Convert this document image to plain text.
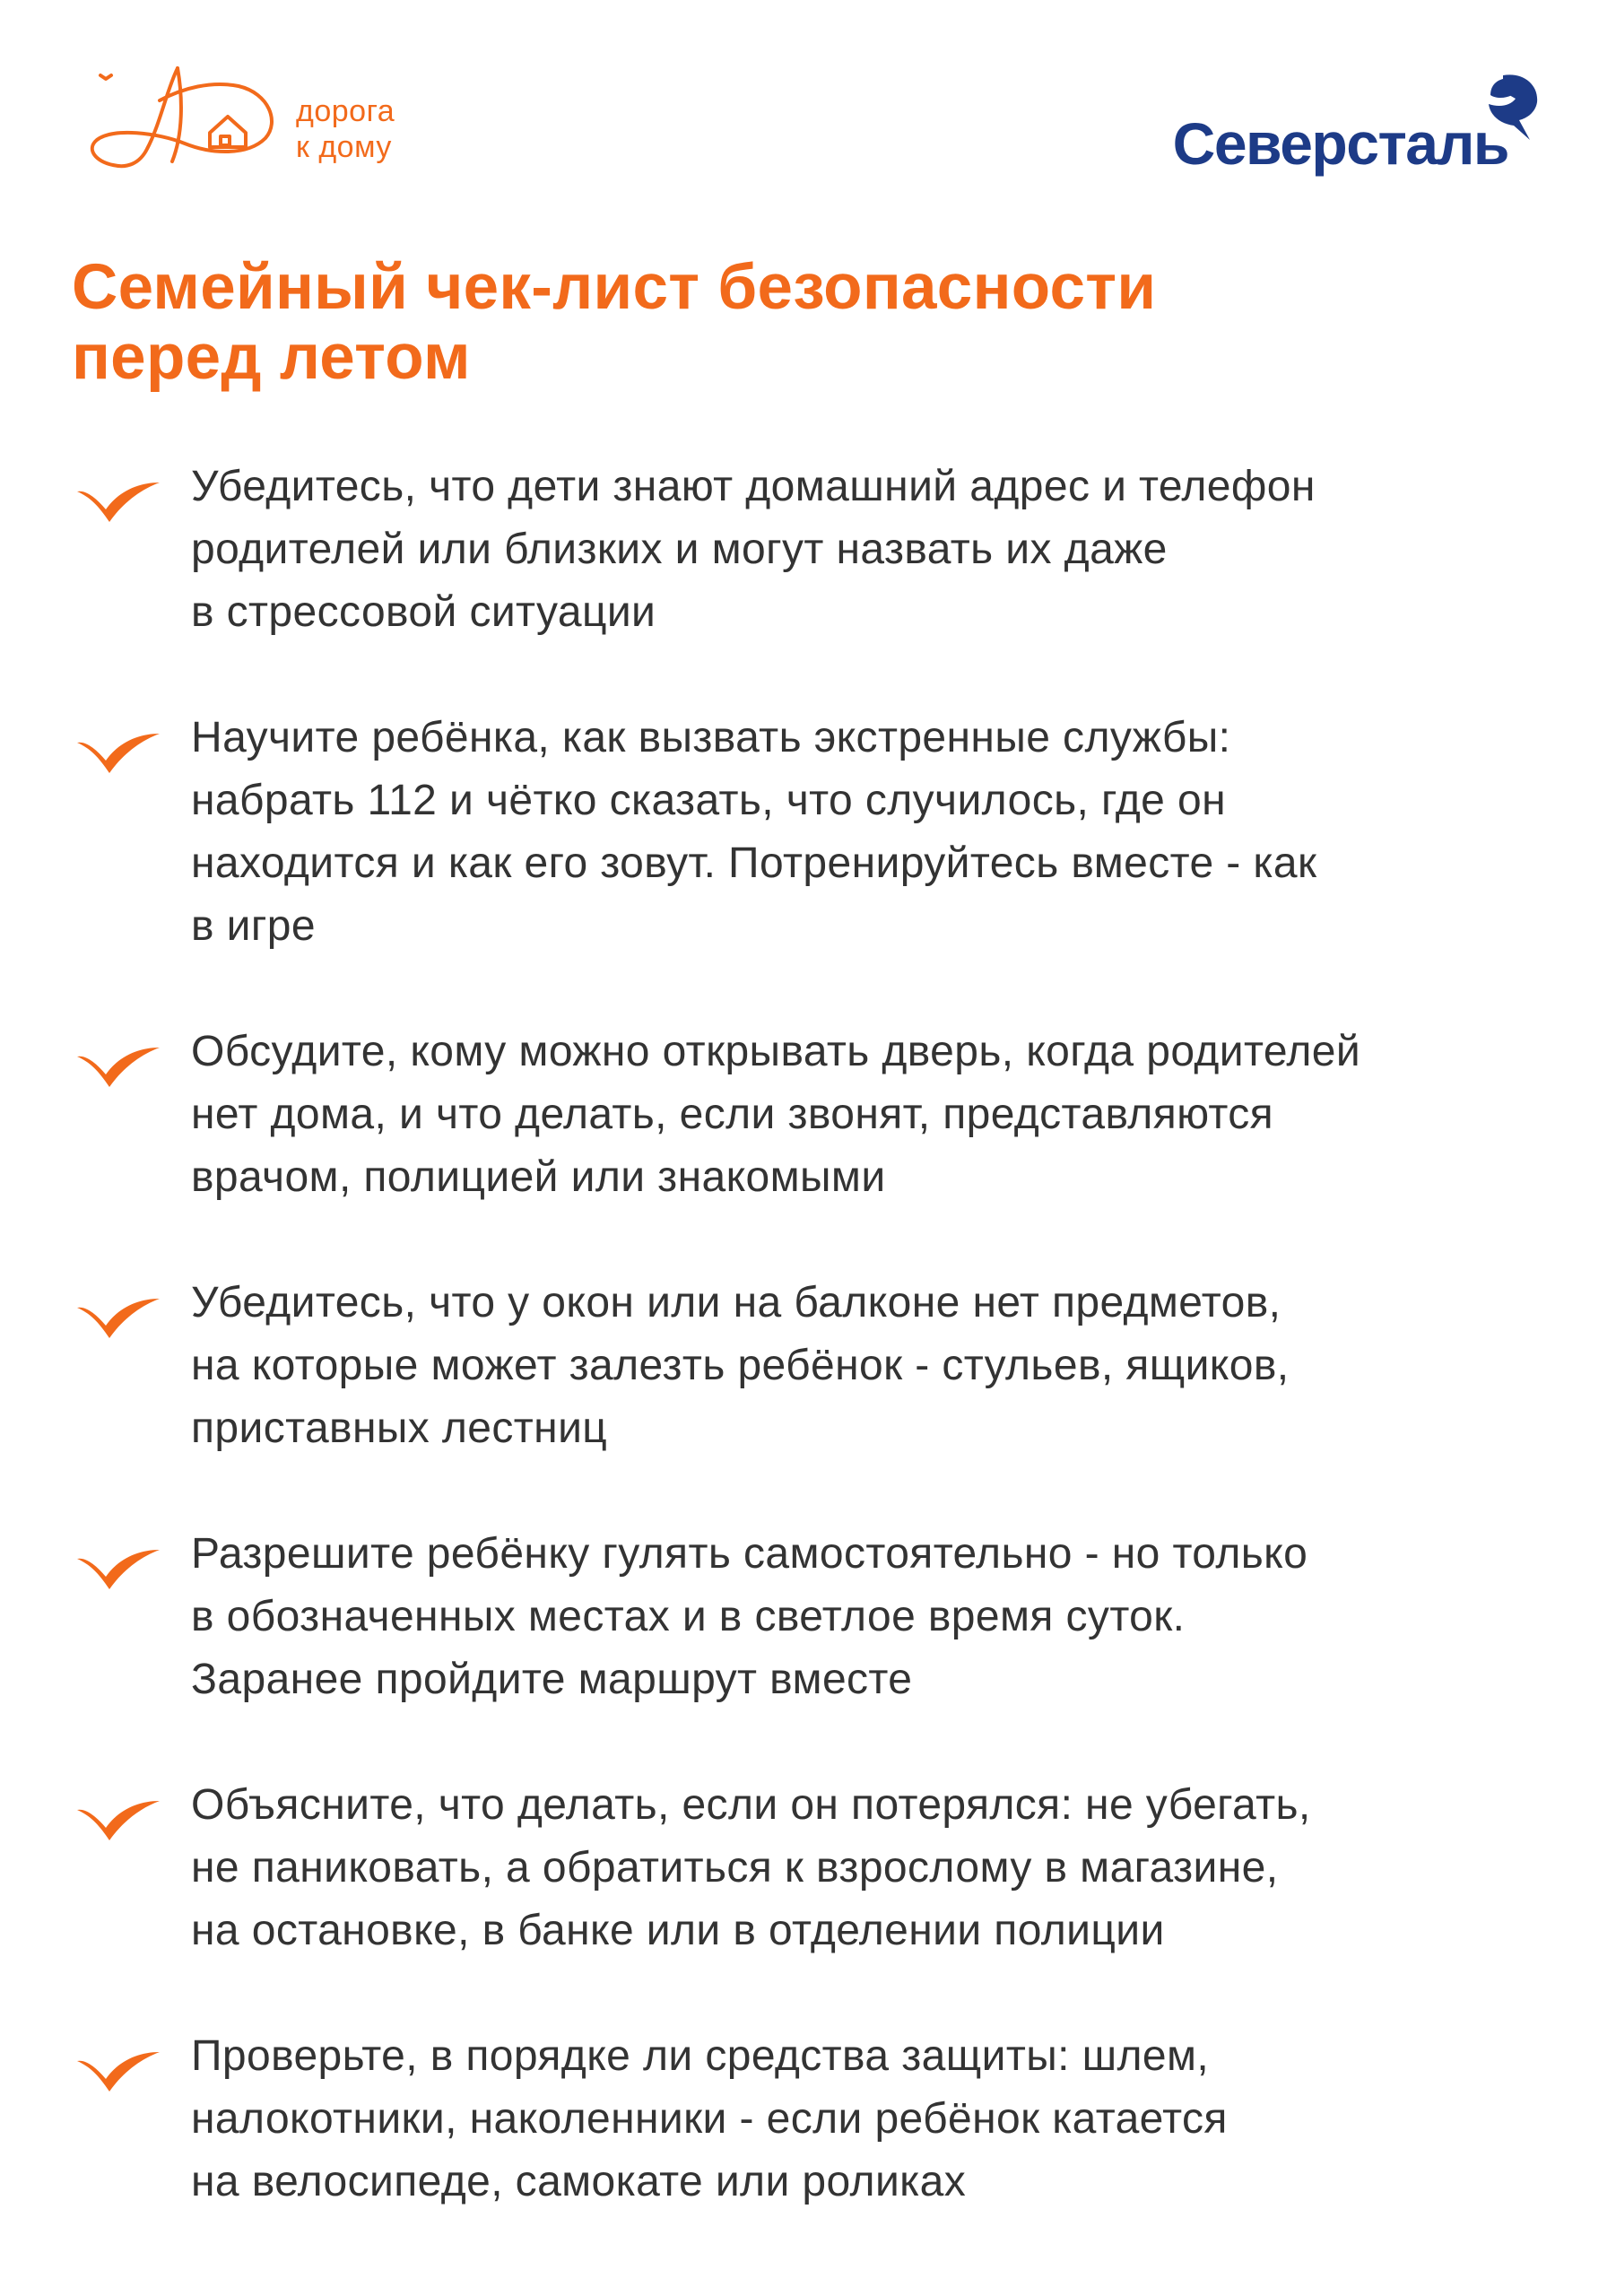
дорога
к дому	Северсталь
Семейный чек-лист безопасности
перед летом
Убедитесь, что дети знают домашний адрес и телефон
родителей или близких и могут назвать их даже
в стрессовой ситуации
Научите ребёнка, как вызвать экстренные службы:
набрать 112 и чётко сказать, что случилось, где он
находится и как его зовут. Потренируйтесь вместе - как
в игре
Обсудите, кому можно открывать дверь, когда родителей
нет дома, и что делать, если звонят, представляются
врачом, полицией или знакомыми
Убедитесь, что у окон или на балконе нет предметов,
на которые может залезть ребёнок - стульев, ящиков,
приставных лестниц
Разрешите ребёнку гулять самостоятельно - но только
в обозначенных местах и в светлое время суток.
Заранее пройдите маршрут вместе
Объясните, что делать, если он потерялся: не убегать,
не паниковать, а обратиться к взрослому в магазине,
на остановке, в банке или в отделении полиции
Проверьте, в порядке ли средства защиты: шлем,
налокотники, наколенники - если ребёнок катается
на велосипеде, самокате или роликах
